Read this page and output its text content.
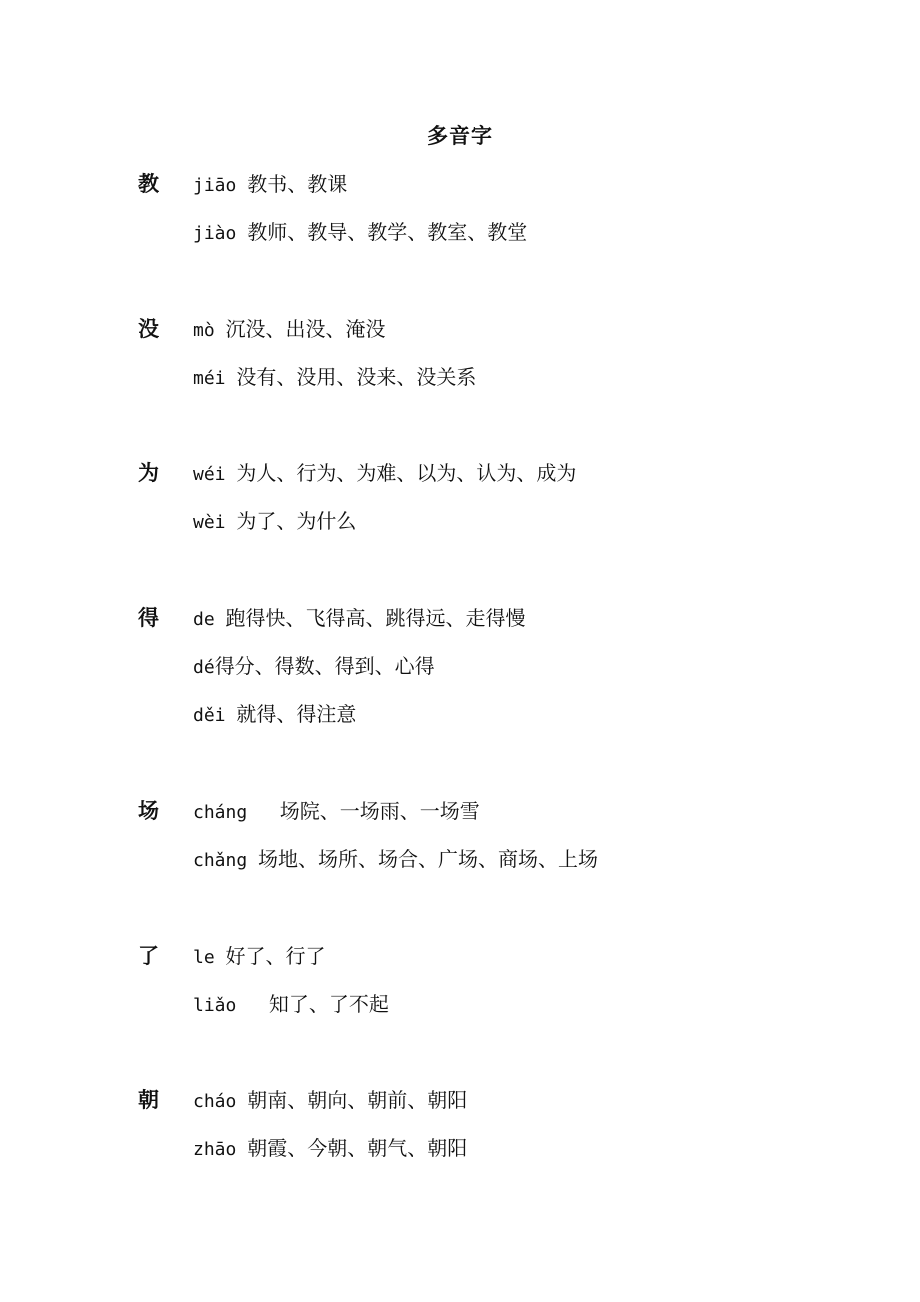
多音字
教 jiāo 教书、教课
jiào 教师、教导、教学、教室、教堂
没 mò 沉没、出没、淹没
méi 没有、没用、没来、没关系
为 wéi 为人、行为、为难、以为、认为、成为
wèi 为了、为什么
得 de 跑得快、飞得高、跳得远、走得慢
dé得分、得数、得到、心得
děi 就得、得注意
场 cháng 场院、一场雨、一场雪
chǎng 场地、场所、场合、广场、商场、上场
了 le 好了、行了
liǎo 知了、了不起
朝 cháo 朝南、朝向、朝前、朝阳
zhāo 朝霞、今朝、朝气、朝阳
